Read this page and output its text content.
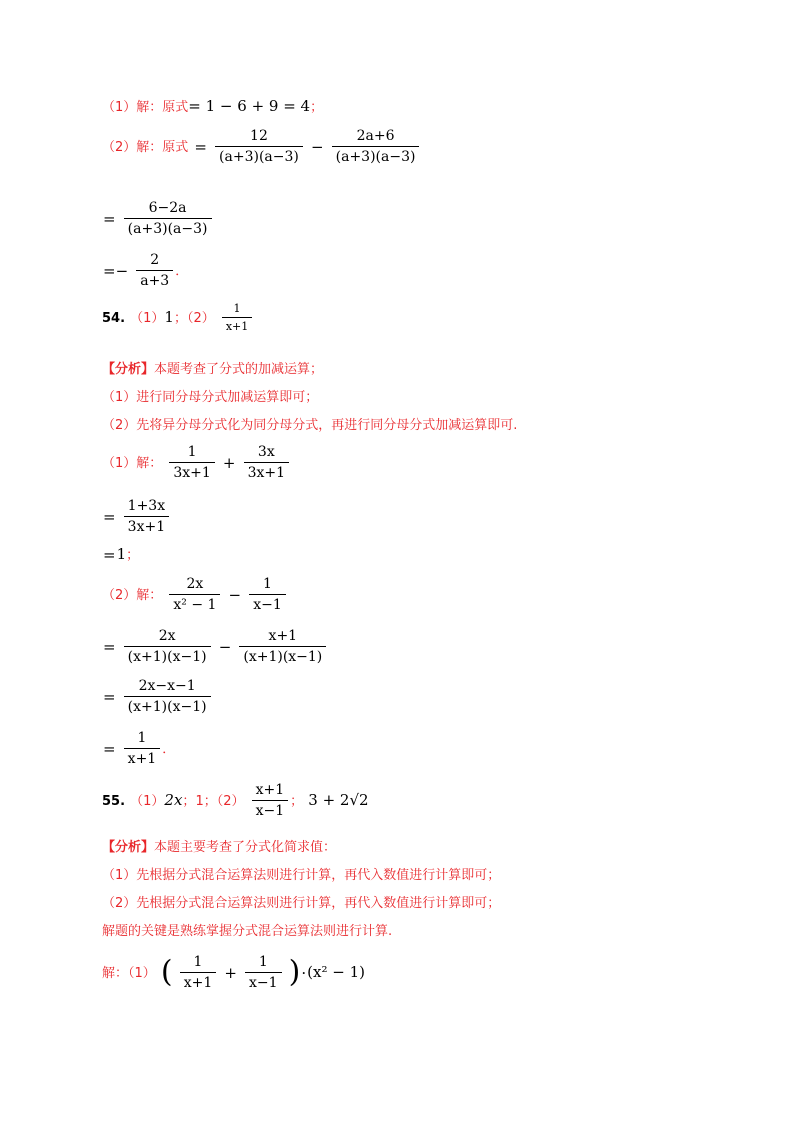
（1）解：原式= 1 − 6 + 9 = 4；
（2）解：原式 = $\frac{12}{(a+3)(a-3)} - \frac{2a+6}{(a+3)(a-3)}$
= $\frac{6-2a}{(a+3)(a-3)}$
=− $\frac{2}{a+3}$ ．
54. （1）1；$(2) \frac{1}{x+1}$
【分析】本题考查了分式的加减运算；
（1）进行同分母分式加减运算即可；
（2）先将异分母分式化为同分母分式，再进行同分母分式加减运算即可.
（1）解： $\frac{1}{3x+1} + \frac{3x}{3x+1}$
= $\frac{1+3x}{3x+1}$
=1；
（2）解： $\frac{2x}{\text{x² − 1}} - \frac{1}{x-1}$
= $\frac{2x}{(x+1)(x-1)} - \frac{x+1}{(x+1)(x-1)}$
= $\frac{2x-x-1}{(x+1)(x-1)}$
= $\frac{1}{x+1}$ ．
55. （1）2x；1；$(2) \frac{x+1}{x-1}$ ； 3 + 2√2
【分析】本题主要考查了分式化简求值：
（1）先根据分式混合运算法则进行计算，再代入数值进行计算即可；
（2）先根据分式混合运算法则进行计算，再代入数值进行计算即可；
解题的关键是熟练掌握分式混合运算法则进行计算.
解：（1） ( $\frac{1}{x+1} + \frac{1}{x-1} )\cdot(x^2 - 1)$
